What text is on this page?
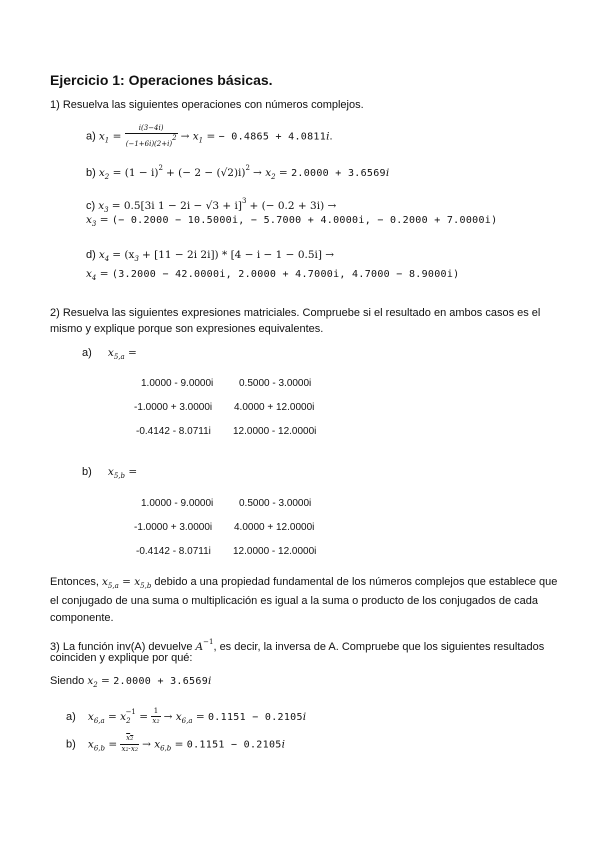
Ejercicio 1: Operaciones básicas.
1) Resuelva las siguientes operaciones con números complejos.
a) $x_1 = \frac{i(3-4i)}{(-1+6i)(2+i)2} \to x_1$ = − 0.4865 + 4.0811i.
b) $x_2 = (1 - i)^2$ + (− $2 - (√2)i)^2 \to x_2 = 2.0000 + 3.6569i$
c) $x_3 = 0.5[3i$ 1 − 2i − √3 + i]$^3$ + (− 0.2 + 3i) →
$x_3$ = (− 0.2000 − 10.5000i, − 5.7000 + 4.0000i, − 0.2000 + 7.0000i)
d) $x_4 = (x_3 + [11 - 2i$ 2i]) * [4 − i − 1 − 0.5i] →
$x_4 = (3.2000 - 42.0000i$, 2.0000 + 4.7000i, 4.7000 − 8.9000i)
2) Resuelva las siguientes expresiones matriciales. Compruebe si el resultado en ambos casos es el
mismo y explique porque son expresiones equivalentes.
a) $x_{5,a}$ =
1.0000 - 9.0000i	0.5000 - 3.0000i
-1.0000 + 3.0000i 4.0000 + 12.0000i
-0.4142 - 8.0711i 12.0000 - 12.0000i
b) $x_{5,b}$ =
1.0000 - 9.0000i	0.5000 - 3.0000i
-1.0000 + 3.0000i 4.0000 + 12.0000i
-0.4142 - 8.0711i 12.0000 - 12.0000i
Entonces, $x_{5,a} = x_{5,b}$ debido a una propiedad fundamental de los números complejos que establece que
el conjugado de una suma o multiplicación es igual a la suma o producto de los conjugados de cada
componente.
3) La función inv(A) devuelve $A^{-1}$, es decir, la inversa de A. Compruebe que los siguientes resultados
coinciden y explique por qué:
Siendo $x_2 = 2.0000 + 3.6569i$
a) $x_{6,a} = x_2^{-1} = \frac{1}{x2} \to x_{6,a} = 0.1151 - 0.2105i$
b) $x_{6,b} = \frac{x2}{x2\cdot x2} \to x_{6,b} = 0.1151 - 0.2105i$
